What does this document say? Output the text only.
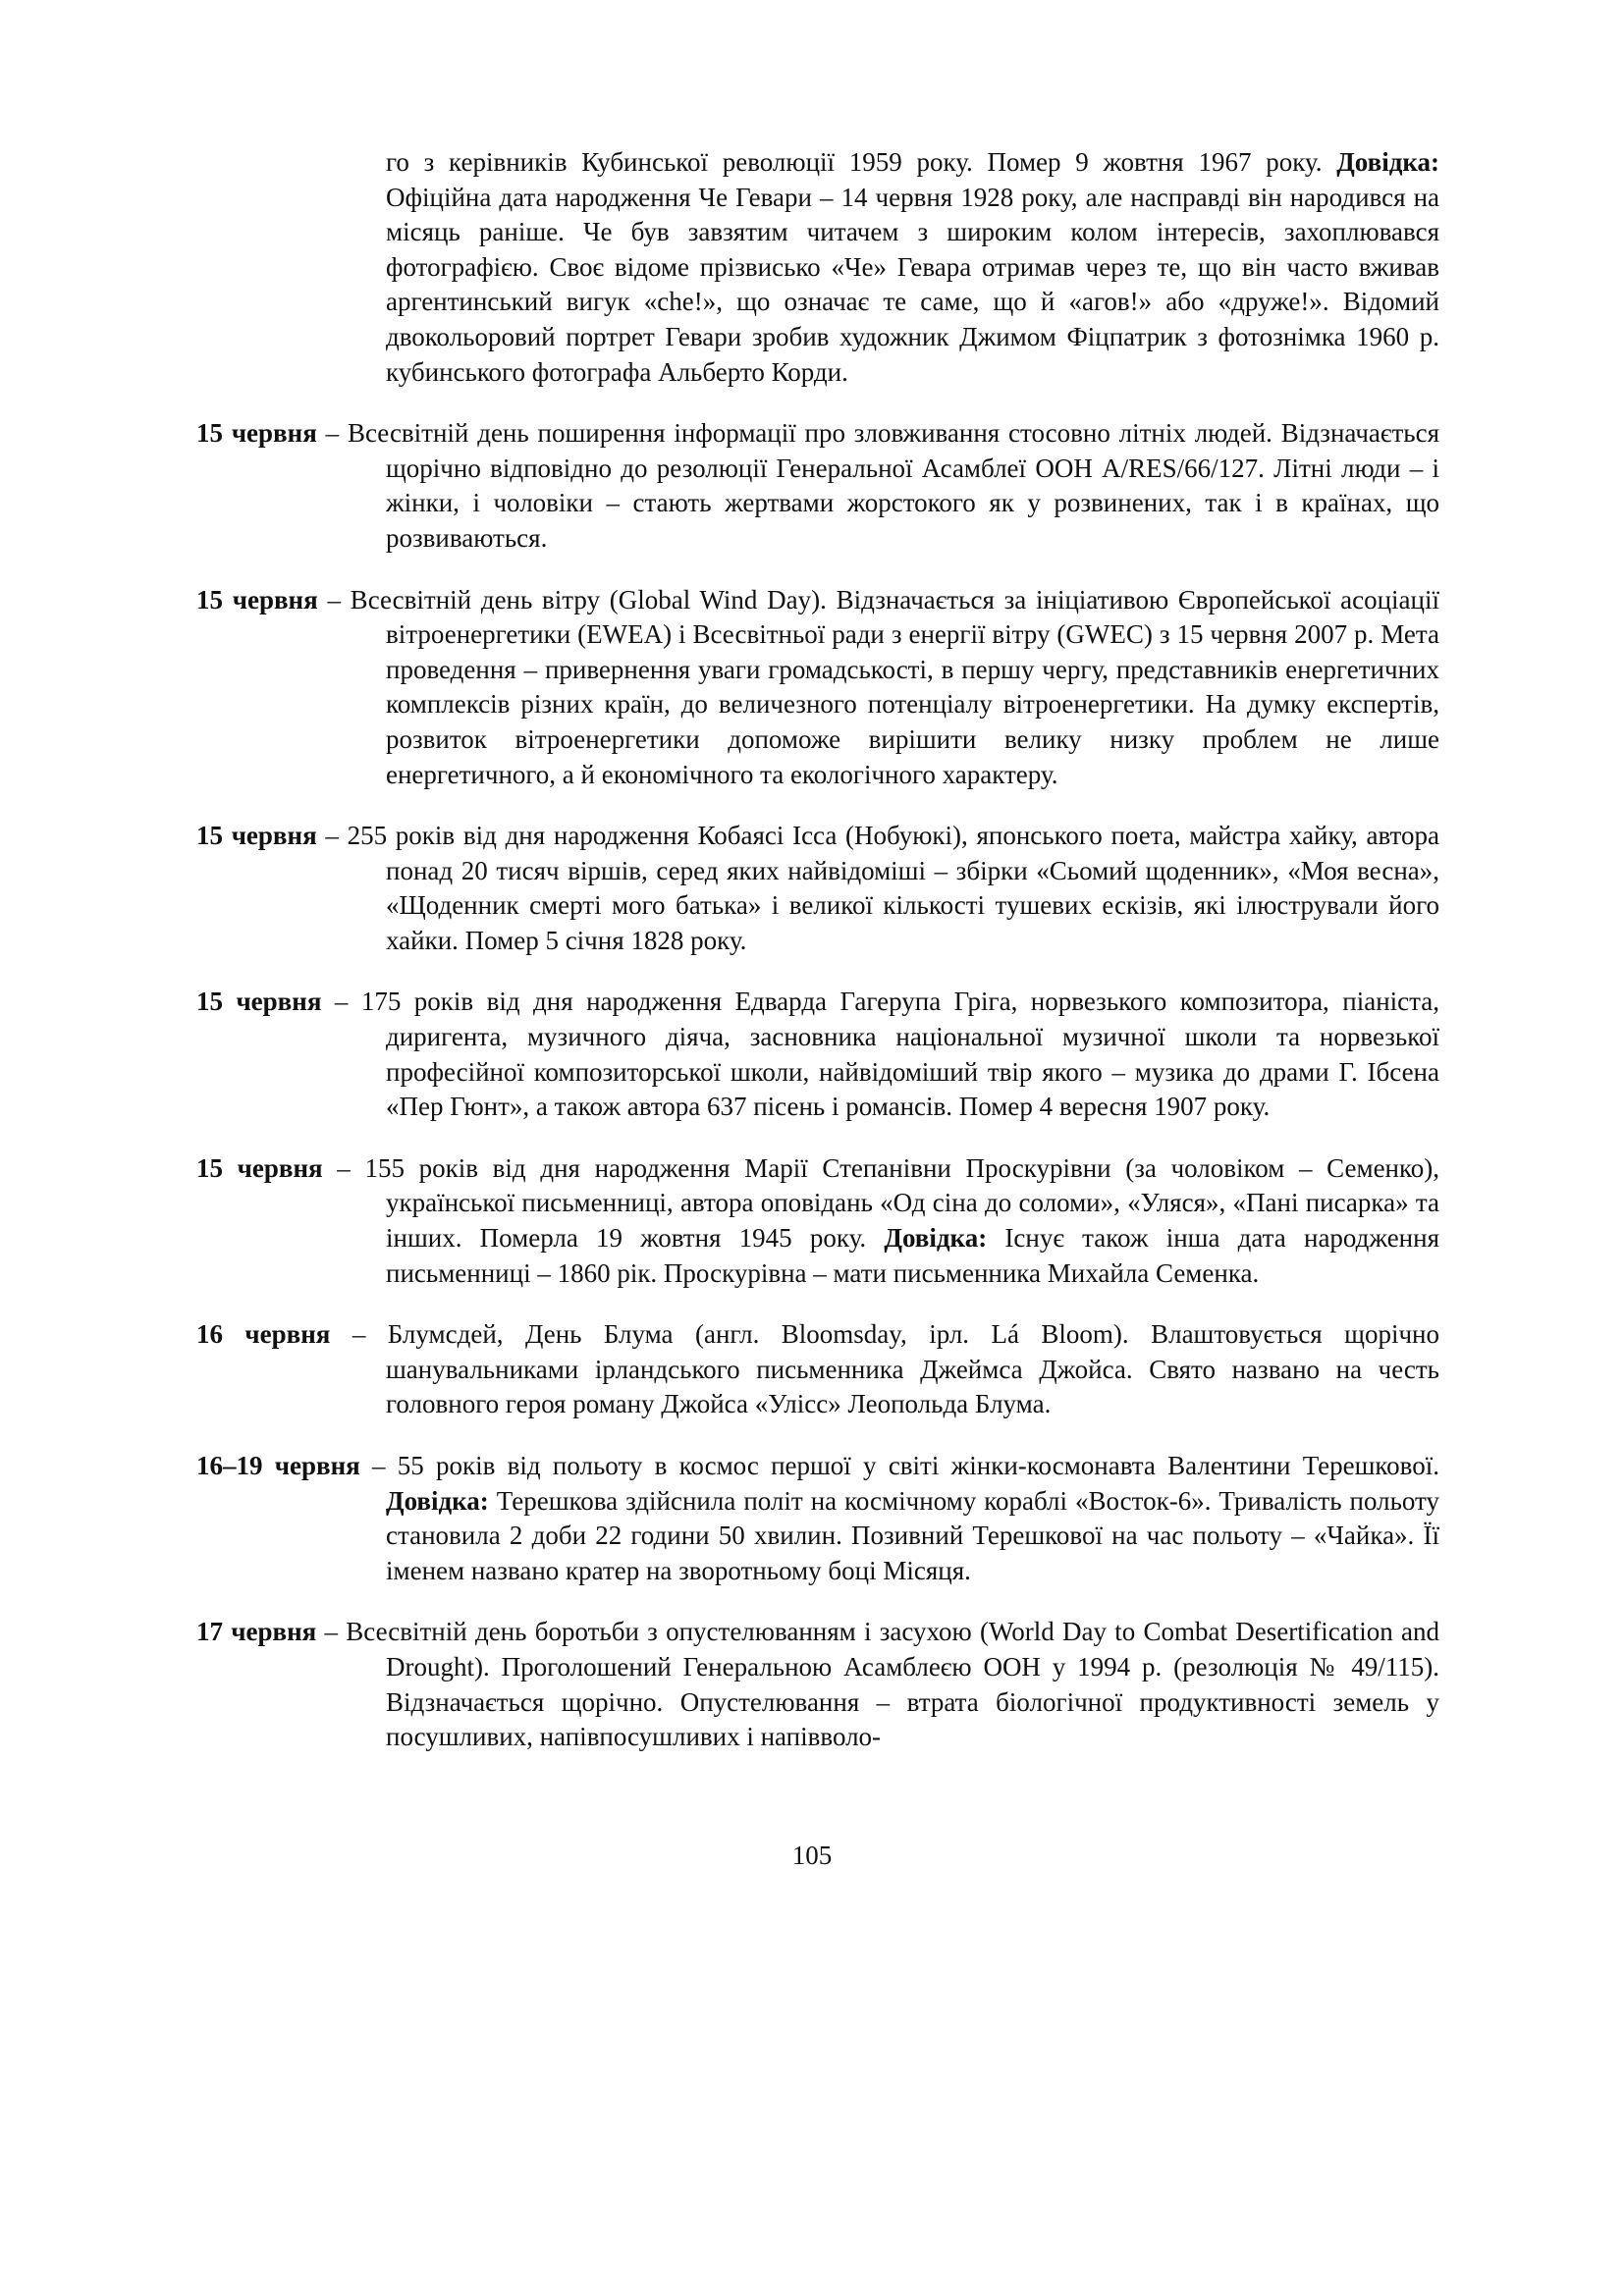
го з керівників Кубинської революції 1959 року. Помер 9 жовтня 1967 року. Довідка: Офіційна дата народження Че Гевари – 14 червня 1928 року, але насправді він народився на місяць раніше. Че був завзятим читачем з широким колом інтересів, захоплювався фотографією. Своє відоме прізвисько «Че» Гевара отримав через те, що він часто вживав аргентинський вигук «che!», що означає те саме, що й «агов!» або «друже!». Відомий двокольоровий портрет Гевари зробив художник Джимом Фіцпатрик з фотознімка 1960 р. кубинського фотографа Альберто Корди.

15 червня – Всесвітній день поширення інформації про зловживання стосовно літніх людей. Відзначається щорічно відповідно до резолюції Генеральної Асамблеї ООН A/RES/66/127. Літні люди – і жінки, і чоловіки – стають жертвами жорстокого як у розвинених, так і в країнах, що розвиваються.

15 червня – Всесвітній день вітру (Global Wind Day). Відзначається за ініціативою Європейської асоціації вітроенергетики (EWEA) і Всесвітньої ради з енергії вітру (GWEC) з 15 червня 2007 р. Мета проведення – привернення уваги громадськості, в першу чергу, представників енергетичних комплексів різних країн, до величезного потенціалу вітроенергетики. На думку експертів, розвиток вітроенергетики допоможе вирішити велику низку проблем не лише енергетичного, а й економічного та екологічного характеру.

15 червня – 255 років від дня народження Кобаясі Ісса (Нобуюкі), японського поета, майстра хайку, автора понад 20 тисяч віршів, серед яких найвідоміші – збірки «Сьомий щоденник», «Моя весна», «Щоденник смерті мого батька» і великої кількості тушевих ескізів, які ілюстрували його хайки. Помер 5 січня 1828 року.

15 червня – 175 років від дня народження Едварда Гагерупа Гріга, норвезького композитора, піаніста, диригента, музичного діяча, засновника національної музичної школи та норвезької професійної композиторської школи, найвідоміший твір якого – музика до драми Г. Ібсена «Пер Гюнт», а також автора 637 пісень і романсів. Помер 4 вересня 1907 року.

15 червня – 155 років від дня народження Марії Степанівни Проскурівни (за чоловіком – Семенко), української письменниці, автора оповідань «Од сіна до соломи», «Уляся», «Пані писарка» та інших. Померла 19 жовтня 1945 року. Довідка: Існує також інша дата народження письменниці – 1860 рік. Проскурівна – мати письменника Михайла Семенка.

16 червня – Блумсдей, День Блума (англ. Bloomsday, ірл. Lá Bloom). Влаштовується щорічно шанувальниками ірландського письменника Джеймса Джойса. Свято названо на честь головного героя роману Джойса «Улісс» Леопольда Блума.

16–19 червня – 55 років від польоту в космос першої у світі жінки-космонавта Валентини Терешкової. Довідка: Терешкова здійснила політ на космічному кораблі «Восток-6». Тривалість польоту становила 2 доби 22 години 50 хвилин. Позивний Терешкової на час польоту – «Чайка». Її іменем названо кратер на зворотньому боці Місяця.

17 червня – Всесвітній день боротьби з опустелюванням і засухою (World Day to Combat Desertification and Drought). Проголошений Генеральною Асамблеєю ООН у 1994 р. (резолюція № 49/115). Відзначається щорічно. Опустелювання – втрата біологічної продуктивності земель у посушливих, напівпосушливих і напівволо-

105
